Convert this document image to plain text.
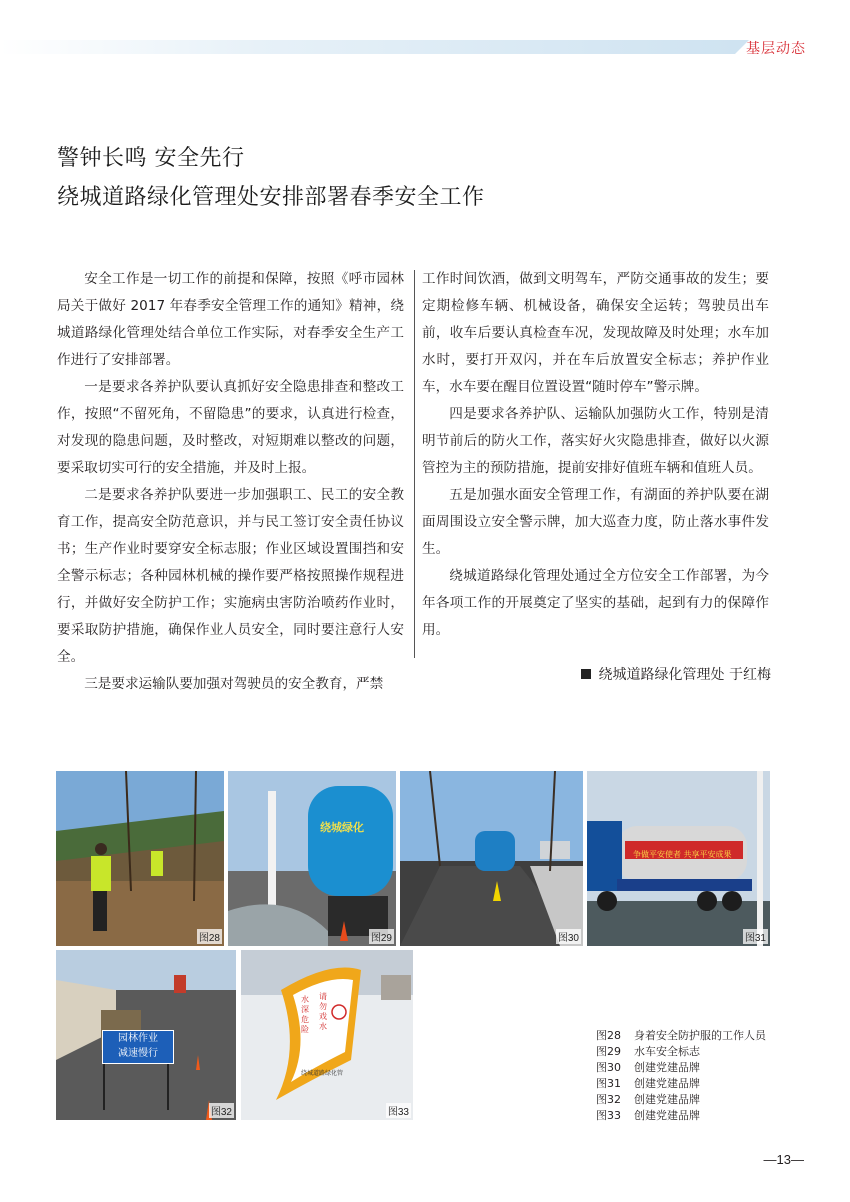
基层动态
警钟长鸣 安全先行
绕城道路绿化管理处安排部署春季安全工作

安全工作是一切工作的前提和保障，按照《呼市园林局关于做好 2017 年春季安全管理工作的通知》精神，绕城道路绿化管理处结合单位工作实际，对春季安全生产工作进行了安排部署。

一是要求各养护队要认真抓好安全隐患排查和整改工作，按照“不留死角，不留隐患”的要求，认真进行检查，对发现的隐患问题，及时整改，对短期难以整改的问题，要采取切实可行的安全措施，并及时上报。

二是要求各养护队要进一步加强职工、民工的安全教育工作，提高安全防范意识，并与民工签订安全责任协议书；生产作业时要穿安全标志服；作业区域设置围挡和安全警示标志；各种园林机械的操作要严格按照操作规程进行，并做好安全防护工作；实施病虫害防治喷药作业时，要采取防护措施，确保作业人员安全，同时要注意行人安全。

三是要求运输队要加强对驾驶员的安全教育，严禁

工作时间饮酒，做到文明驾车，严防交通事故的发生；要定期检修车辆、机械设备，确保安全运转；驾驶员出车前，收车后要认真检查车况，发现故障及时处理；水车加水时，要打开双闪，并在车后放置安全标志；养护作业车，水车要在醒目位置设置“随时停车”警示牌。

四是要求各养护队、运输队加强防火工作，特别是清明节前后的防火工作，落实好火灾隐患排查，做好以火源管控为主的预防措施，提前安排好值班车辆和值班人员。

五是加强水面安全管理工作，有湖面的养护队要在湖面周围设立安全警示牌，加大巡查力度，防止落水事件发生。

绕城道路绿化管理处通过全方位安全工作部署，为今年各项工作的开展奠定了坚实的基础，起到有力的保障作用。

绕城道路绿化管理处 于红梅
图28
绕城绿化
图29	图30
争做平安使者 共享平安成果
图31
园林作业
减速慢行
图32
水深危险
请勿戏水
绕城道路绿化管
图33
图28 身着安全防护服的工作人员
图29 水车安全标志
图30 创建党建品牌
图31 创建党建品牌
图32 创建党建品牌
图33 创建党建品牌
—13—
